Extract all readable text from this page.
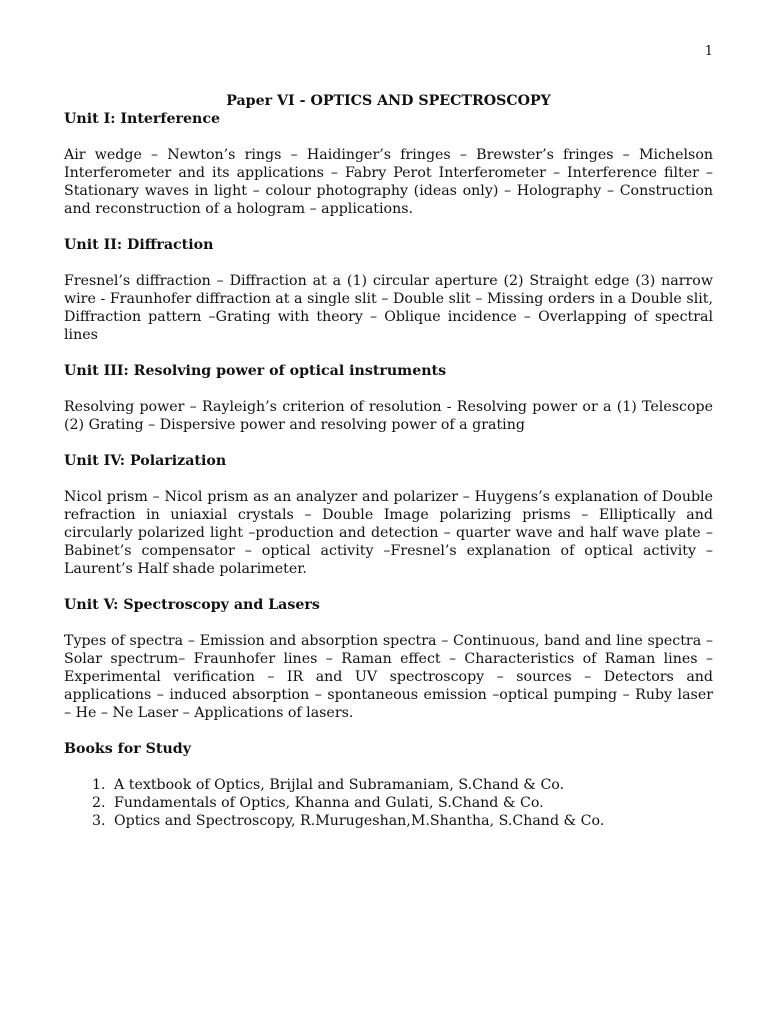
1

Paper VI - OPTICS AND SPECTROSCOPY

Unit I: Interference

Air wedge – Newton’s rings – Haidinger’s fringes – Brewster’s fringes – Michelson Interferometer and its applications – Fabry Perot Interferometer – Interference filter – Stationary waves in light – colour photography (ideas only) – Holography – Construction and reconstruction of a hologram – applications.

Unit II: Diffraction

Fresnel’s diffraction – Diffraction at a (1) circular aperture (2) Straight edge (3) narrow wire - Fraunhofer diffraction at a single slit – Double slit – Missing orders in a Double slit, Diffraction pattern –Grating with theory – Oblique incidence – Overlapping of spectral lines

Unit III: Resolving power of optical instruments

Resolving power – Rayleigh’s criterion of resolution - Resolving power or a (1) Telescope (2) Grating – Dispersive power and resolving power of a grating

Unit IV: Polarization

Nicol prism – Nicol prism as an analyzer and polarizer – Huygens’s explanation of Double refraction in uniaxial crystals – Double Image polarizing prisms – Elliptically and circularly polarized light –production and detection – quarter wave and half wave plate – Babinet’s compensator – optical activity –Fresnel’s explanation of optical activity – Laurent’s Half shade polarimeter.

Unit V: Spectroscopy and Lasers

Types of spectra – Emission and absorption spectra – Continuous, band and line spectra – Solar spectrum– Fraunhofer lines – Raman effect – Characteristics of Raman lines – Experimental verification – IR and UV spectroscopy – sources – Detectors and applications – induced absorption – spontaneous emission –optical pumping – Ruby laser – He – Ne Laser – Applications of lasers.

Books for Study

1. A textbook of Optics, Brijlal and Subramaniam, S.Chand & Co.
2. Fundamentals of Optics, Khanna and Gulati, S.Chand & Co.
3. Optics and Spectroscopy, R.Murugeshan,M.Shantha, S.Chand & Co.
